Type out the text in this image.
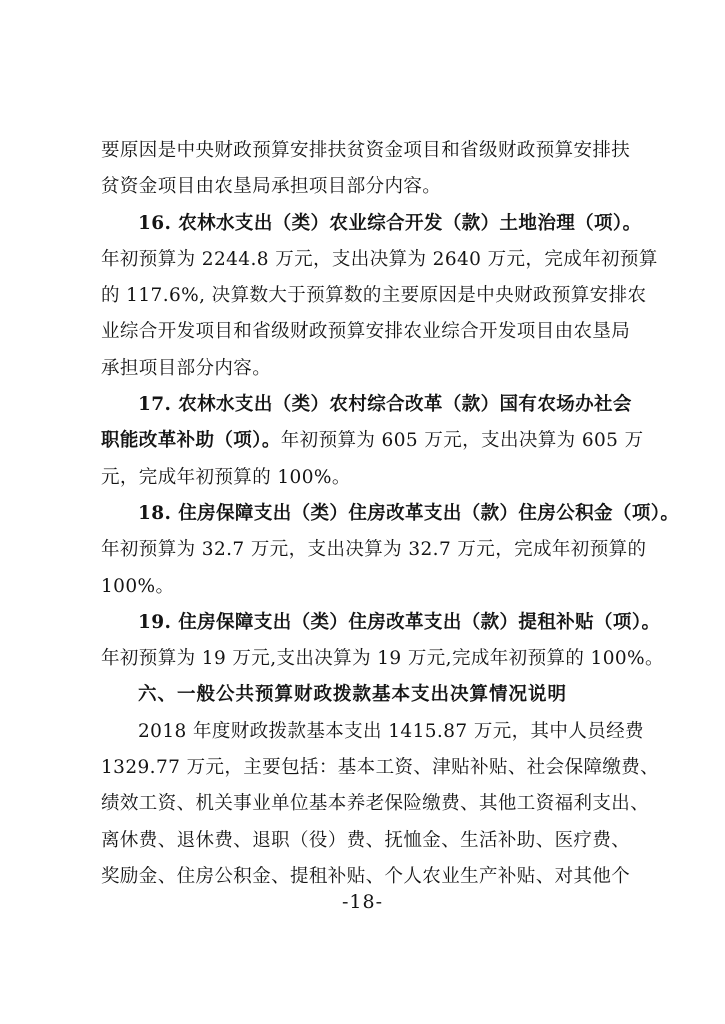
要原因是中央财政预算安排扶贫资金项目和省级财政预算安排扶
贫资金项目由农垦局承担项目部分内容。
16. 农林水支出（类）农业综合开发（款）土地治理（项）。
年初预算为 2244.8 万元，支出决算为 2640 万元，完成年初预算
的 117.6%, 决算数大于预算数的主要原因是中央财政预算安排农
业综合开发项目和省级财政预算安排农业综合开发项目由农垦局
承担项目部分内容。
17. 农林水支出（类）农村综合改革（款）国有农场办社会
职能改革补助（项）。年初预算为 605 万元，支出决算为 605 万
元，完成年初预算的 100%。
18. 住房保障支出（类）住房改革支出（款）住房公积金（项）。
年初预算为 32.7 万元，支出决算为 32.7 万元，完成年初预算的
100%。
19. 住房保障支出（类）住房改革支出（款）提租补贴（项）。
年初预算为 19 万元,支出决算为 19 万元,完成年初预算的 100%。
六、一般公共预算财政拨款基本支出决算情况说明
2018 年度财政拨款基本支出 1415.87 万元，其中人员经费
1329.77 万元，主要包括：基本工资、津贴补贴、社会保障缴费、
绩效工资、机关事业单位基本养老保险缴费、其他工资福利支出、
离休费、退休费、退职（役）费、抚恤金、生活补助、医疗费、
奖励金、住房公积金、提租补贴、个人农业生产补贴、对其他个
-18-
